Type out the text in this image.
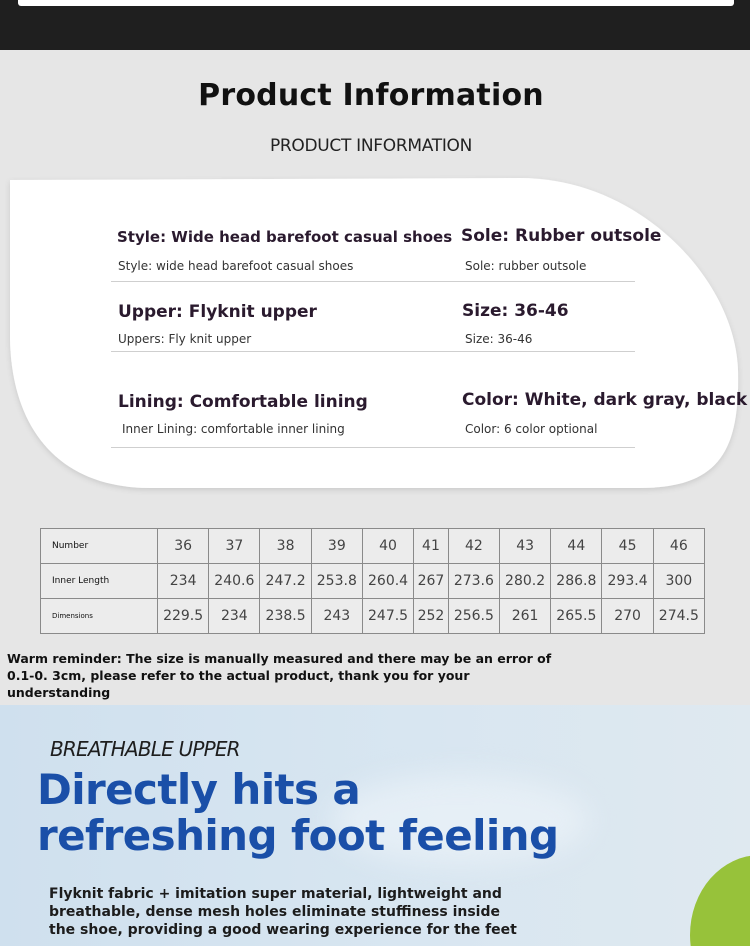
Product Information
PRODUCT INFORMATION
Style: Wide head barefoot casual shoes
Style: wide head barefoot casual shoes
Sole: Rubber outsole
Sole: rubber outsole
Upper: Flyknit upper
Uppers: Fly knit upper
Size: 36-46
Size: 36-46
Lining: Comfortable lining
Inner Lining: comfortable inner lining
Color: White, dark gray, black
Color: 6 color optional
Number	36	37	38	39	40	41	42	43	44	45	46
Inner Length	234	240.6	247.2	253.8	260.4	267	273.6	280.2	286.8	293.4	300
Dimensions	229.5	234	238.5	243	247.5	252	256.5	261	265.5	270	274.5
Warm reminder: The size is manually measured and there may be an error of 0.1-0. 3cm, please refer to the actual product, thank you for your understanding
BREATHABLE UPPER
Directly hits a refreshing foot feeling
Flyknit fabric + imitation super material, lightweight and breathable, dense mesh holes eliminate stuffiness inside the shoe, providing a good wearing experience for the feet
